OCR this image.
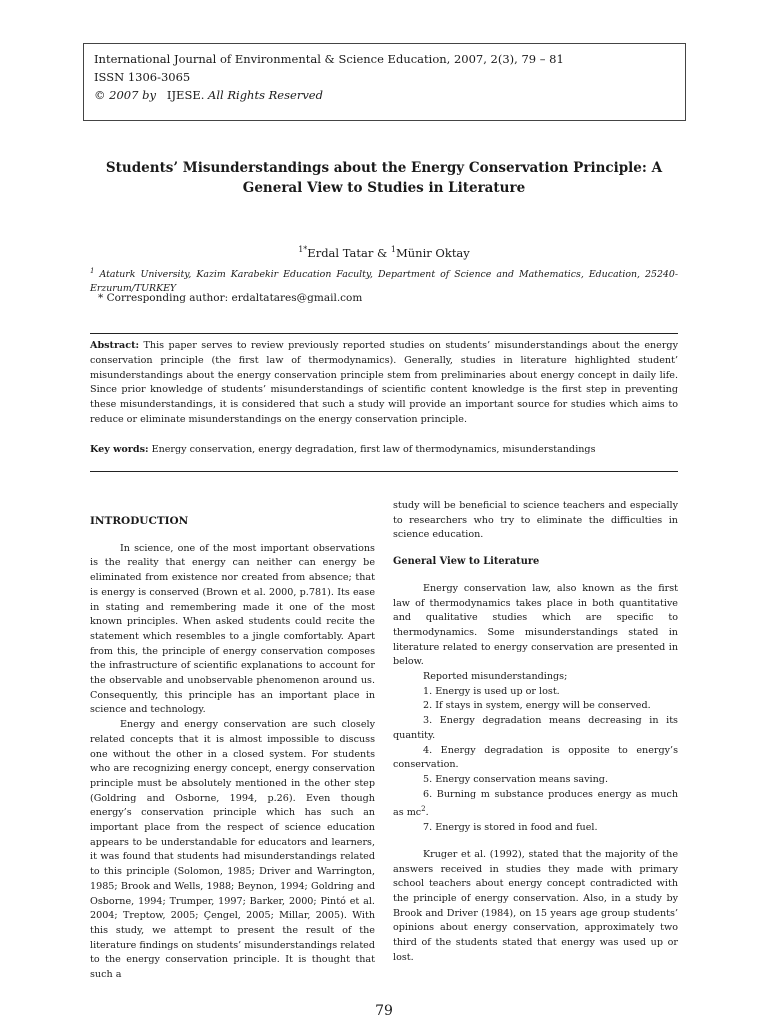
International Journal of Environmental & Science Education, 2007, 2(3), 79 – 81
ISSN 1306-3065
© 2007 by IJESE. All Rights Reserved
Students’ Misunderstandings about the Energy Conservation Principle: A
General View to Studies in Literature
$^{1*}$Erdal Tatar & $^1$Münir Oktay
$^1$ Ataturk University, Kazim Karabekir Education Faculty, Department of Science and Mathematics, Education, 25240-Erzurum/TURKEY
* Corresponding author: erdaltatares@gmail.com
Abstract: This paper serves to review previously reported studies on students’ misunderstandings about the energy conservation principle (the first law of thermodynamics). Generally, studies in literature highlighted student’ misunderstandings about the energy conservation principle stem from preliminaries about energy concept in daily life. Since prior knowledge of students’ misunderstandings of scientific content knowledge is the first step in preventing these misunderstandings, it is considered that such a study will provide an important source for studies which aims to reduce or eliminate misunderstandings on the energy conservation principle.
Key words: Energy conservation, energy degradation, first law of thermodynamics, misunderstandings

INTRODUCTION

In science, one of the most important observations is the reality that energy can neither can energy be eliminated from existence nor created from absence; that is energy is conserved (Brown et al. 2000, p.781). Its ease in stating and remembering made it one of the most known principles. When asked students could recite the statement which resembles to a jingle comfortably. Apart from this, the principle of energy conservation composes the infrastructure of scientific explanations to account for the observable and unobservable phenomenon around us. Consequently, this principle has an important place in science and technology.

Energy and energy conservation are such closely related concepts that it is almost impossible to discuss one without the other in a closed system. For students who are recognizing energy concept, energy conservation principle must be absolutely mentioned in the other step (Goldring and Osborne, 1994, p.26). Even though energy’s conservation principle which has such an important place from the respect of science education appears to be understandable for educators and learners, it was found that students had misunderstandings related to this principle (Solomon, 1985; Driver and Warrington, 1985; Brook and Wells, 1988; Beynon, 1994; Goldring and Osborne, 1994; Trumper, 1997; Barker, 2000; Pintó et al. 2004; Treptow, 2005; Çengel, 2005; Millar, 2005). With this study, we attempt to present the result of the literature findings on students’ misunderstandings related to the energy conservation principle. It is thought that such a

study will be beneficial to science teachers and especially to researchers who try to eliminate the difficulties in science education.

General View to Literature

Energy conservation law, also known as the first law of thermodynamics takes place in both quantitative and qualitative studies which are specific to thermodynamics. Some misunderstandings stated in literature related to energy conservation are presented in below.

Reported misunderstandings;

1. Energy is used up or lost.

2. If stays in system, energy will be conserved.

3. Energy degradation means decreasing in its quantity.

4. Energy degradation is opposite to energy’s conservation.

5. Energy conservation means saving.

6. Burning m substance produces energy as much as $mc^2$.

7. Energy is stored in food and fuel.

Kruger et al. (1992), stated that the majority of the answers received in studies they made with primary school teachers about energy concept contradicted with the principle of energy conservation. Also, in a study by Brook and Driver (1984), on 15 years age group students’ opinions about energy conservation, approximately two third of the students stated that energy was used up or lost.

79
